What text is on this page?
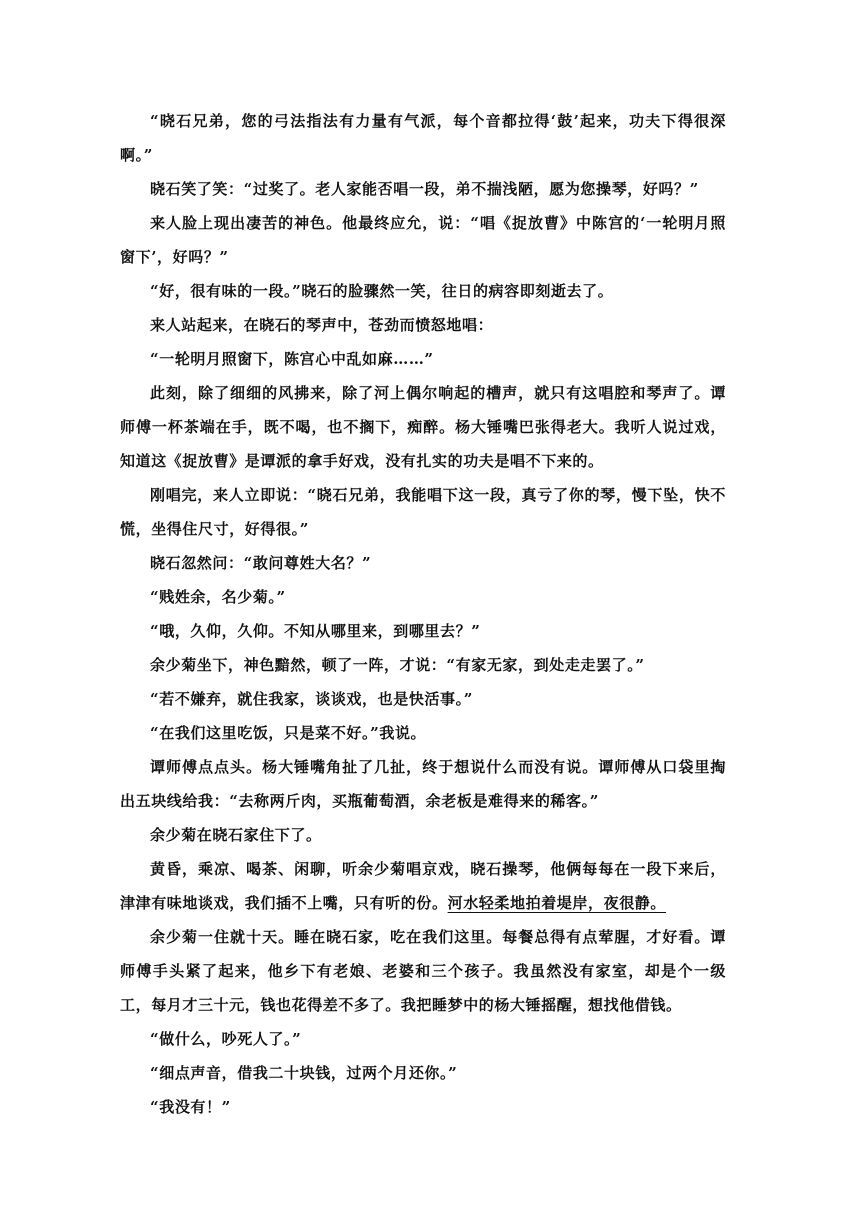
“晓石兄弟，您的弓法指法有力量有气派，每个音都拉得‘鼓’起来，功夫下得很深啊。”

晓石笑了笑：“过奖了。老人家能否唱一段，弟不揣浅陋，愿为您操琴，好吗？”

来人脸上现出凄苦的神色。他最终应允，说：“唱《捉放曹》中陈宫的‘一轮明月照窗下’，好吗？”

“好，很有味的一段。”晓石的脸骤然一笑，往日的病容即刻逝去了。

来人站起来，在晓石的琴声中，苍劲而愤怒地唱：

“一轮明月照窗下，陈宫心中乱如麻……”

此刻，除了细细的风拂来，除了河上偶尔响起的槽声，就只有这唱腔和琴声了。谭师傅一杯茶端在手，既不喝，也不搁下，痴醉。杨大锤嘴巴张得老大。我听人说过戏，知道这《捉放曹》是谭派的拿手好戏，没有扎实的功夫是唱不下来的。

刚唱完，来人立即说：“晓石兄弟，我能唱下这一段，真亏了你的琴，慢下坠，快不慌，坐得住尺寸，好得很。”

晓石忽然问：“敢问尊姓大名？”

“贱姓余，名少菊。”

“哦，久仰，久仰。不知从哪里来，到哪里去？”

余少菊坐下，神色黯然，顿了一阵，才说：“有家无家，到处走走罢了。”

“若不嫌弃，就住我家，谈谈戏，也是快活事。”

“在我们这里吃饭，只是菜不好。”我说。

谭师傅点点头。杨大锤嘴角扯了几扯，终于想说什么而没有说。谭师傅从口袋里掏出五块线给我：“去称两斤肉，买瓶葡萄酒，余老板是难得来的稀客。”

余少菊在晓石家住下了。

黄昏，乘凉、喝茶、闲聊，听余少菊唱京戏，晓石操琴，他俩每每在一段下来后，津津有味地谈戏，我们插不上嘴，只有听的份。河水轻柔地拍着堤岸，夜很静。

余少菊一住就十天。睡在晓石家，吃在我们这里。每餐总得有点荤腥，才好看。谭师傅手头紧了起来，他乡下有老娘、老婆和三个孩子。我虽然没有家室，却是个一级工，每月才三十元，钱也花得差不多了。我把睡梦中的杨大锤摇醒，想找他借钱。

“做什么，吵死人了。”

“细点声音，借我二十块钱，过两个月还你。”

“我没有！”
